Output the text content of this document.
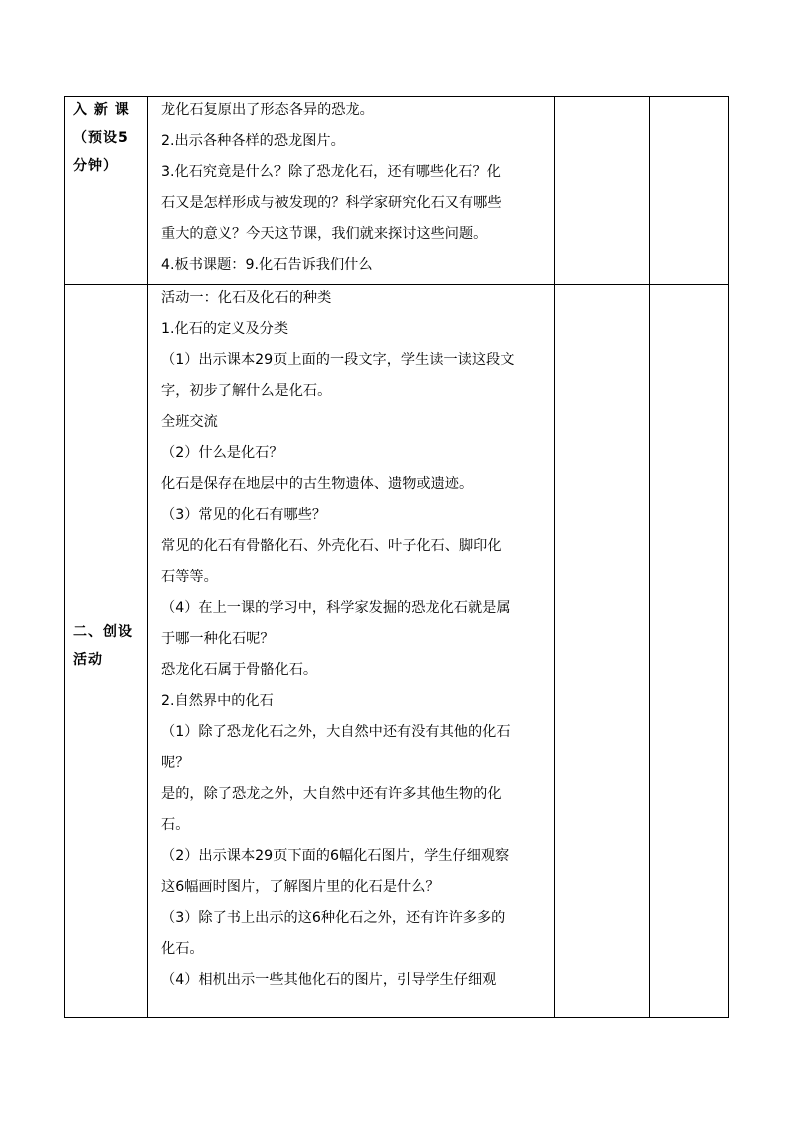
入 新 课
（预设5
分钟）
龙化石复原出了形态各异的恐龙。
2.出示各种各样的恐龙图片。
3.化石究竟是什么？除了恐龙化石，还有哪些化石？化
石又是怎样形成与被发现的？科学家研究化石又有哪些
重大的意义？今天这节课，我们就来探讨这些问题。
4.板书课题：9.化石告诉我们什么
二、创设
活动
活动一：化石及化石的种类
1.化石的定义及分类
（1）出示课本29页上面的一段文字，学生读一读这段文
字，初步了解什么是化石。
全班交流
（2）什么是化石？
化石是保存在地层中的古生物遗体、遗物或遗迹。
（3）常见的化石有哪些？
常见的化石有骨骼化石、外壳化石、叶子化石、脚印化
石等等。
（4）在上一课的学习中，科学家发掘的恐龙化石就是属
于哪一种化石呢？
恐龙化石属于骨骼化石。
2.自然界中的化石
（1）除了恐龙化石之外，大自然中还有没有其他的化石
呢？
是的，除了恐龙之外，大自然中还有许多其他生物的化
石。
（2）出示课本29页下面的6幅化石图片，学生仔细观察
这6幅画时图片，了解图片里的化石是什么？
（3）除了书上出示的这6种化石之外，还有许许多多的
化石。
（4）相机出示一些其他化石的图片，引导学生仔细观
